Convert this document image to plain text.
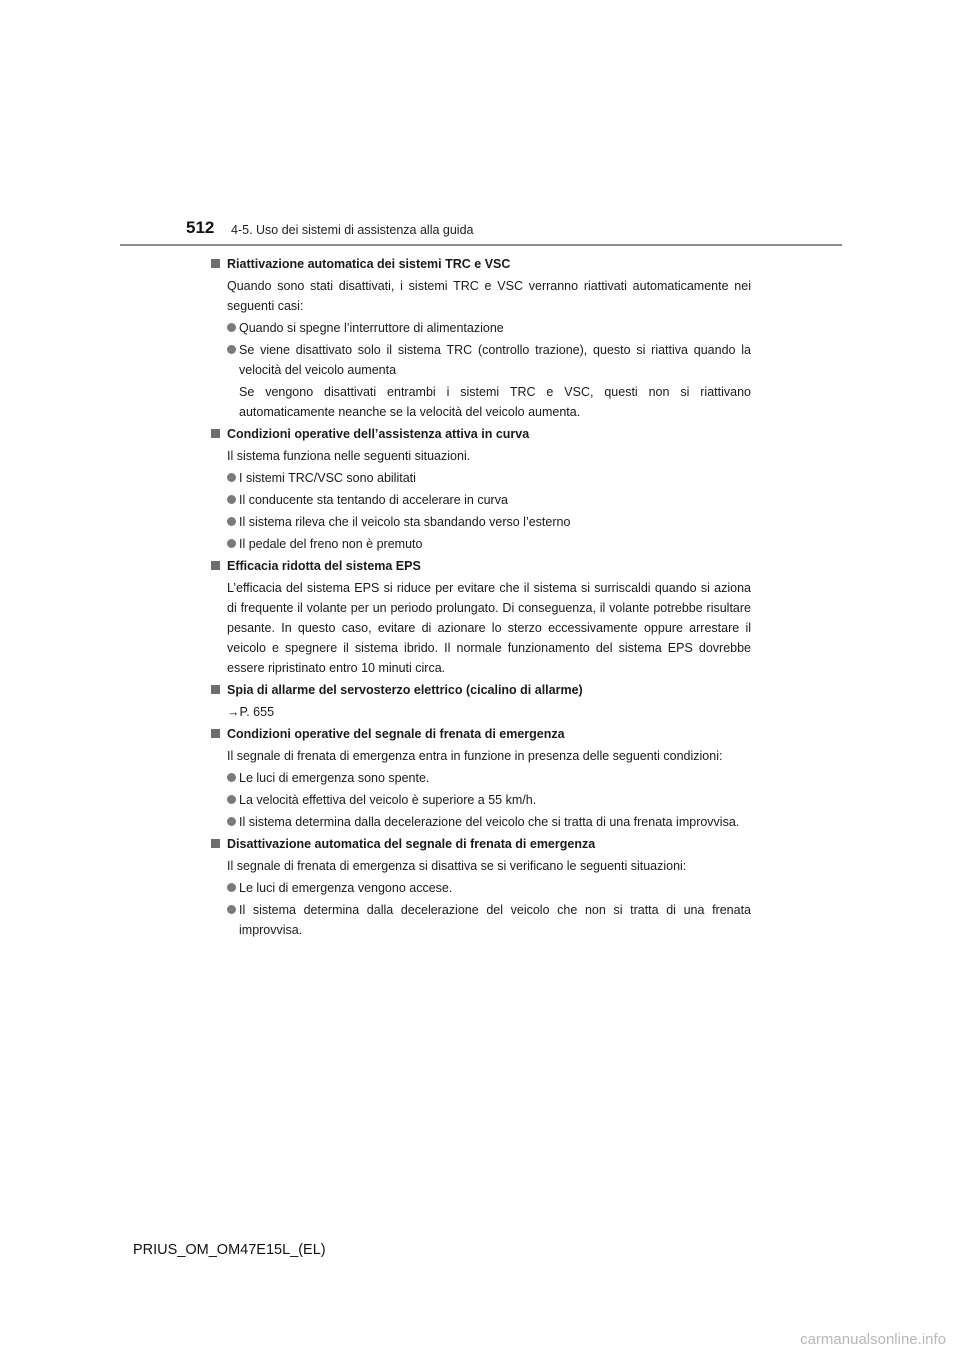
512 4-5. Uso dei sistemi di assistenza alla guida
Riattivazione automatica dei sistemi TRC e VSC
Quando sono stati disattivati, i sistemi TRC e VSC verranno riattivati automaticamente nei seguenti casi:
Quando si spegne l’interruttore di alimentazione
Se viene disattivato solo il sistema TRC (controllo trazione), questo si riattiva quando la velocità del veicolo aumenta
Se vengono disattivati entrambi i sistemi TRC e VSC, questi non si riattivano automaticamente neanche se la velocità del veicolo aumenta.
Condizioni operative dell’assistenza attiva in curva
Il sistema funziona nelle seguenti situazioni.
I sistemi TRC/VSC sono abilitati
Il conducente sta tentando di accelerare in curva
Il sistema rileva che il veicolo sta sbandando verso l’esterno
Il pedale del freno non è premuto
Efficacia ridotta del sistema EPS
L’efficacia del sistema EPS si riduce per evitare che il sistema si surriscaldi quando si aziona di frequente il volante per un periodo prolungato. Di conseguenza, il volante potrebbe risultare pesante. In questo caso, evitare di azionare lo sterzo eccessivamente oppure arrestare il veicolo e spegnere il sistema ibrido. Il normale funzionamento del sistema EPS dovrebbe essere ripristinato entro 10 minuti circa.
Spia di allarme del servosterzo elettrico (cicalino di allarme)
→P. 655
Condizioni operative del segnale di frenata di emergenza
Il segnale di frenata di emergenza entra in funzione in presenza delle seguenti condizioni:
Le luci di emergenza sono spente.
La velocità effettiva del veicolo è superiore a 55 km/h.
Il sistema determina dalla decelerazione del veicolo che si tratta di una frenata improvvisa.
Disattivazione automatica del segnale di frenata di emergenza
Il segnale di frenata di emergenza si disattiva se si verificano le seguenti situazioni:
Le luci di emergenza vengono accese.
Il sistema determina dalla decelerazione del veicolo che non si tratta di una frenata improvvisa.
PRIUS_OM_OM47E15L_(EL)
carmanualsonline.info
